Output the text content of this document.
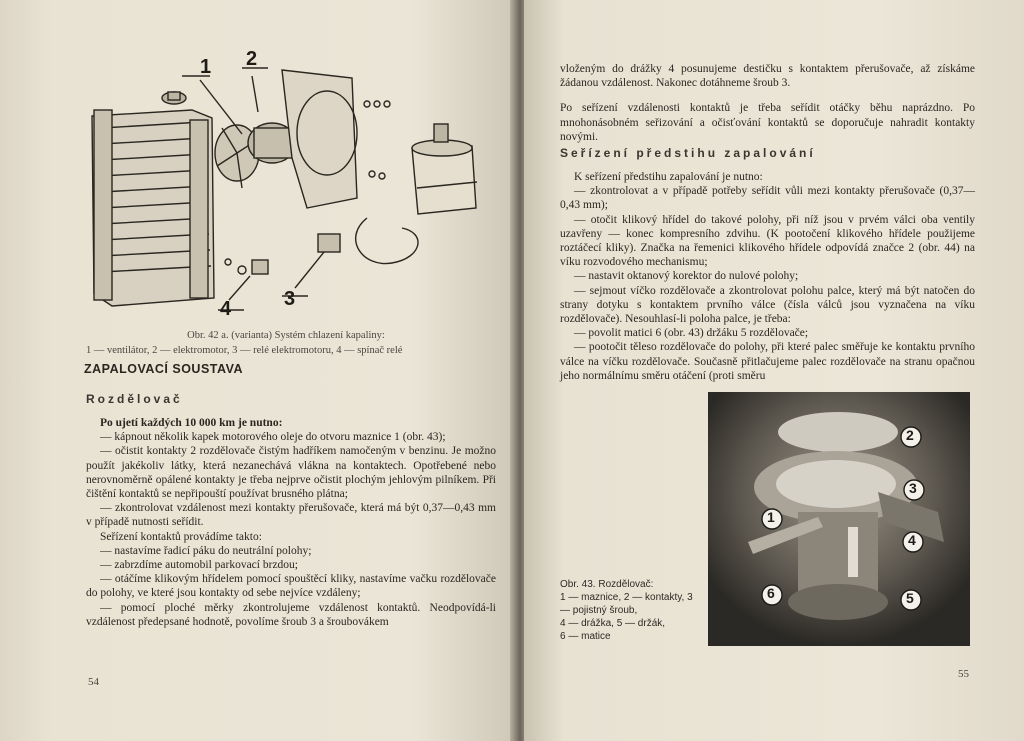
1 2
3
4
Obr. 42 a. (varianta) Systém chlazení kapaliny:
1 — ventilátor, 2 — elektromotor, 3 — relé elektromotoru, 4 — spínač relé
ZAPALOVACÍ SOUSTAVA
Rozdělovač

Po ujetí každých 10 000 km je nutno:

— kápnout několik kapek motorového oleje do otvoru maznice 1 (obr. 43);

— očistit kontakty 2 rozdělovače čistým hadříkem namočeným v benzinu. Je možno použít jakékoliv látky, která nezanechává vlákna na kontaktech. Opotřebené nebo nerovnoměrně opálené kontakty je třeba nejprve očistit plochým jehlovým pilníkem. Při čištění kontaktů se nepřipouští používat brusného plátna;

— zkontrolovat vzdálenost mezi kontakty přerušovače, která má být 0,37—0,43 mm v případě nutnosti seřídit.

Seřízení kontaktů provádíme takto:

— nastavíme řadicí páku do neutrální polohy;

— zabrzdíme automobil parkovací brzdou;

— otáčíme klikovým hřídelem pomocí spouštěcí kliky, nastavíme vačku rozdělovače do polohy, ve které jsou kontakty od sebe nejvíce vzdáleny;

— pomocí ploché měrky zkontrolujeme vzdálenost kontaktů. Neodpovídá-li vzdálenost předepsané hodnotě, povolíme šroub 3 a šroubovákem

54

vloženým do drážky 4 posunujeme destičku s kontaktem přerušovače, až získáme žádanou vzdálenost. Nakonec dotáhneme šroub 3.

Po seřízení vzdálenosti kontaktů je třeba seřídit otáčky běhu naprázdno. Po mnohonásobném seřizování a očisťování kontaktů se doporučuje nahradit kontakty novými.

Seřízení předstihu zapalování

K seřízení předstihu zapalování je nutno:

— zkontrolovat a v případě potřeby seřídit vůli mezi kontakty přerušovače (0,37—0,43 mm);

— otočit klikový hřídel do takové polohy, při níž jsou v prvém válci oba ventily uzavřeny — konec kompresního zdvihu. (K pootočení klikového hřídele použijeme roztáčecí kliky). Značka na řemenici klikového hřídele odpovídá značce 2 (obr. 44) na víku rozvodového mechanismu;

— nastavit oktanový korektor do nulové polohy;

— sejmout víčko rozdělovače a zkontrolovat polohu palce, který má být natočen do strany dotyku s kontaktem prvního válce (čísla válců jsou vyznačena na víku rozdělovače). Nesouhlasí-li poloha palce, je třeba:

— povolit matici 6 (obr. 43) držáku 5 rozdělovače;

— pootočit těleso rozdělovače do polohy, při které palec směřuje ke kontaktu prvního válce na víčku rozdělovače. Současně přitlačujeme palec rozdělovače na stranu opačnou jeho normálnímu směru otáčení (proti směru

1
2
3
4
5
6
Obr. 43. Rozdělovač:
1 — maznice, 2 — kontakty, 3 — pojistný šroub,
4 — drážka, 5 — držák,
6 — matice
55
